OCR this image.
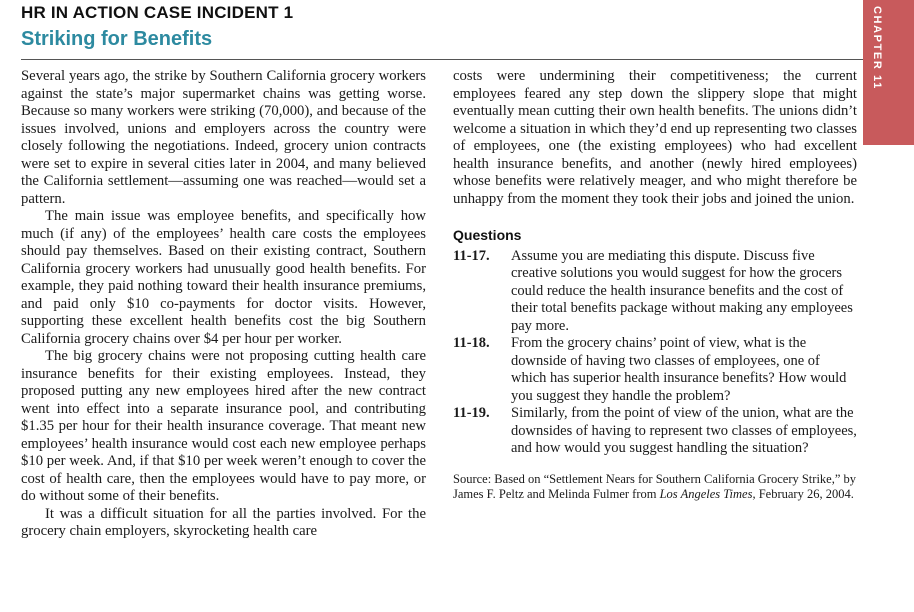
HR IN ACTION CASE INCIDENT 1
Striking for Benefits	CHAPTER 11

Several years ago, the strike by Southern California grocery workers against the state’s major supermarket chains was getting worse. Because so many workers were striking (70,000), and because of the issues involved, unions and employers across the country were closely following the negotiations. Indeed, grocery union contracts were set to expire in several cities later in 2004, and many believed the California settlement—assuming one was reached—would set a pattern.

The main issue was employee benefits, and specifically how much (if any) of the employees’ health care costs the employees should pay themselves. Based on their existing contract, Southern California grocery workers had unusually good health benefits. For example, they paid nothing toward their health insurance premiums, and paid only $10 co-payments for doctor visits. However, supporting these excellent health benefits cost the big Southern California grocery chains over $4 per hour per worker.

The big grocery chains were not proposing cutting health care insurance benefits for their existing employees. Instead, they proposed putting any new employees hired after the new contract went into effect into a separate insurance pool, and contributing $1.35 per hour for their health insurance coverage. That meant new employees’ health insurance would cost each new employee perhaps $10 per week. And, if that $10 per week weren’t enough to cover the cost of health care, then the employees would have to pay more, or do without some of their benefits.

It was a difficult situation for all the parties involved. For the grocery chain employers, skyrocketing health care

costs were undermining their competitiveness; the current employees feared any step down the slippery slope that might eventually mean cutting their own health benefits. The unions didn’t welcome a situation in which they’d end up representing two classes of employees, one (the existing employees) who had excellent health insurance benefits, and another (newly hired employees) whose benefits were relatively meager, and who might therefore be unhappy from the moment they took their jobs and joined the union.

Questions
11-17.	Assume you are mediating this dispute. Discuss five creative solutions you would suggest for how the grocers could reduce the health insurance benefits and the cost of their total benefits package without making any employees pay more.
11-18.	From the grocery chains’ point of view, what is the downside of having two classes of employees, one of which has superior health insurance benefits? How would you suggest they handle the problem?
11-19.	Similarly, from the point of view of the union, what are the downsides of having to represent two classes of employees, and how would you suggest handling the situation?
Source: Based on “Settlement Nears for Southern California Grocery Strike,” by James F. Peltz and Melinda Fulmer from Los Angeles Times, February 26, 2004.
